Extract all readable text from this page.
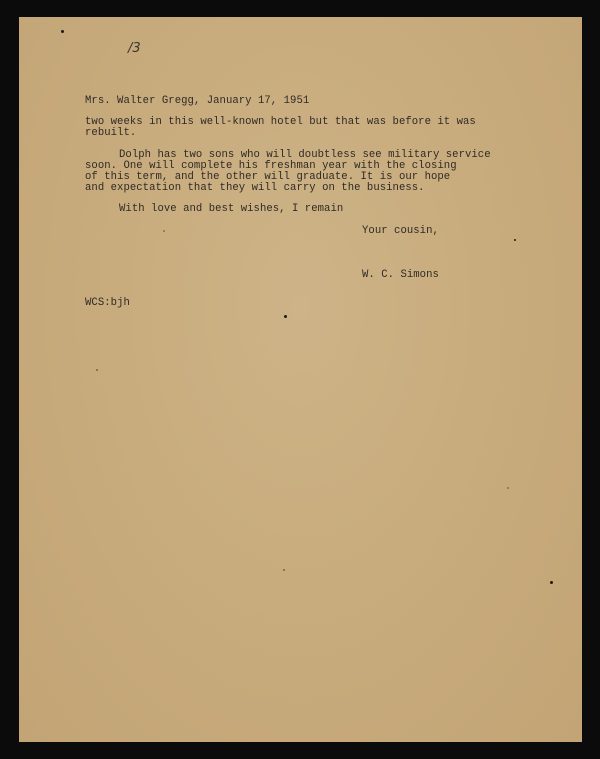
/3
Mrs. Walter Gregg, January 17, 1951
two weeks in this well-known hotel but that was before it was
rebuilt.
Dolph has two sons who will doubtless see military service
soon. One will complete his freshman year with the closing
of this term, and the other will graduate. It is our hope
and expectation that they will carry on the business.
With love and best wishes, I remain
Your cousin,
W. C. Simons
WCS:bjh
